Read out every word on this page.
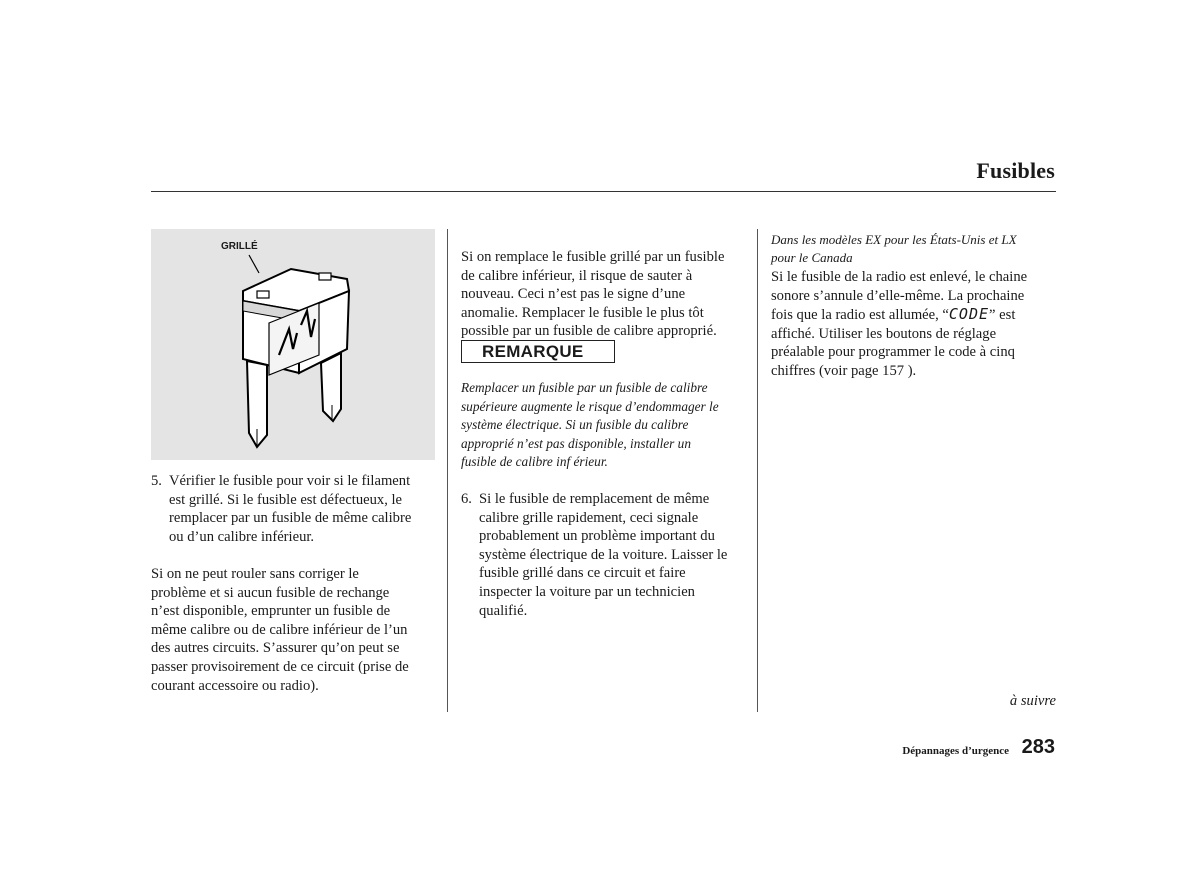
Fusibles
GRILLÉ
5. Vérifier le fusible pour voir si le filament
est grillé. Si le fusible est défectueux, le
remplacer par un fusible de même calibre
ou d’un calibre inférieur.
Si on ne peut rouler sans corriger le
problème et si aucun fusible de rechange
n’est disponible, emprunter un fusible de
même calibre ou de calibre inférieur de l’un
des autres circuits. S’assurer qu’on peut se
passer provisoirement de ce circuit (prise de
courant accessoire ou radio).
Si on remplace le fusible grillé par un fusible
de calibre inférieur, il risque de sauter à
nouveau. Ceci n’est pas le signe d’une
anomalie. Remplacer le fusible le plus tôt
possible par un fusible de calibre approprié.
REMARQUE
Remplacer un fusible par un fusible de calibre
supérieure augmente le risque d’endommager le
système électrique. Si un fusible du calibre
approprié n’est pas disponible, installer un
fusible de calibre inf érieur.
6. Si le fusible de remplacement de même
calibre grille rapidement, ceci signale
probablement un problème important du
système électrique de la voiture. Laisser le
fusible grillé dans ce circuit et faire
inspecter la voiture par un technicien
qualifié.
Dans les modèles EX pour les États-Unis et LX
pour le Canada
Si le fusible de la radio est enlevé, le chaine
sonore s’annule d’elle-même. La prochaine
fois que la radio est allumée, “CODE” est
affiché. Utiliser les boutons de réglage
préalable pour programmer le code à cinq
chiffres (voir page 157 ).
à suivre
Dépannages d’urgence 283
